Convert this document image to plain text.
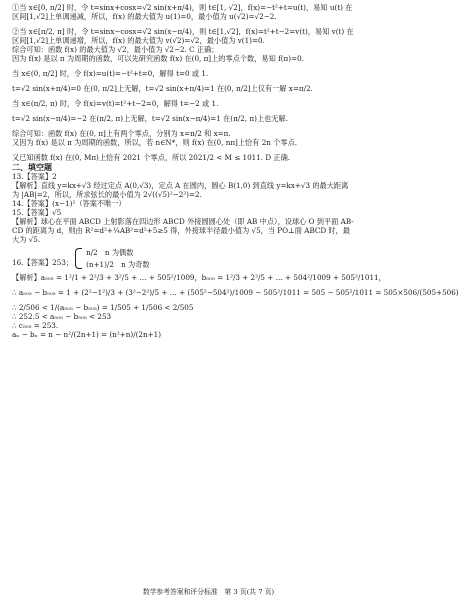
①当 x∈[0, π/2] 时，令 t=sinx+cosx=√2 sin(x+π/4)，则 t∈[1, √2]，f(x)=−t²+t=u(t)，易知 u(t) 在

区间[1,√2]上单调递减，所以，f(x) 的最大值为 u(1)=0，最小值为 u(√2)=√2−2.

②当 x∈[π/2, π] 时，令 t=sinx−cosx=√2 sin(x−π/4)，则 t∈[1,√2]，f(x)=t²+t−2=v(t)，易知 v(t) 在

区间[1,√2]上单调递增，所以，f(x) 的最大值为 v(√2)=√2，最小值为 v(1)=0.

综合可知：函数 f(x) 的最大值为 √2，最小值为 √2−2. C 正确；

因为 f(x) 是以 π 为周期的函数，可以先研究函数 f(x) 在(0, π]上的零点个数，易知 f(π)=0.

当 x∈(0, π/2] 时，令 f(x)=u(t)=−t²+t=0，解得 t=0 或 1.

t=√2 sin(x+π/4)=0 在(0, π/2]上无解，t=√2 sin(x+π/4)=1 在(0, π/2]上仅有一解 x=π/2.

当 x∈(π/2, π) 时，令 f(x)=v(t)=t²+t−2=0，解得 t=−2 或 1.

t=√2 sin(x−π/4)=−2 在(π/2, π)上无解，t=√2 sin(x−π/4)=1 在(π/2, π)上也无解.

综合可知：函数 f(x) 在(0, π]上有两个零点，分别为 x=π/2 和 x=π.

又因为 f(x) 是以 π 为周期的函数，所以，若 n∈N*，则 f(x) 在(0, nπ]上恰有 2n 个零点.

又已知函数 f(x) 在(0, Mπ)上恰有 2021 个零点，所以 2021/2 < M ≤ 1011. D 正确.

二、填空题

13.【答案】2

【解析】直线 y=kx+√3 经过定点 A(0,√3)，定点 A 在圆内，圆心 B(1,0) 到直线 y=kx+√3 的最大距离

为 |AB|=2，所以，所求弦长的最小值为 2√((√5)²−2²)=2.

14.【答案】(x−1)²（答案不唯一）

15.【答案】√5

【解析】球心在平面 ABCD 上射影落在四边形 ABCD 外接圆圆心处（即 AB 中点），设球心 O 到平面 AB-

CD 的距离为 d，则由 R²=d²+¼AB²=d²+5≥5 得，外接球半径最小值为 √5，当 PO⊥面 ABCD 时，最

大为 √5.

16.【答案】253；
n/2　n 为偶数
(n+1)/2　n 为奇数

【解析】a₅₀₅ = 1²/1 + 2²/3 + 3²/5 + … + 505²/1009，b₅₀₅ = 1²/3 + 2²/5 + … + 504²/1009 + 505²/1011，

∴ a₅₀₅ − b₅₀₅ = 1 + (2²−1²)/3 + (3²−2²)/5 + … + (505²−504²)/1009 − 505²/1011 = 505 − 505²/1011 = 505×506/(505+506)

∴ 2/506 < 1/(a₅₀₅ − b₅₀₅) = 1/505 + 1/506 < 2/505

∴ 252.5 < a₅₀₅ − b₅₀₅ < 253

∴ c₅₀₅ = 253.

aₙ − bₙ = n − n²/(2n+1) = (n²+n)/(2n+1)

数学参考答案和评分标准　第 3 页(共 7 页)
